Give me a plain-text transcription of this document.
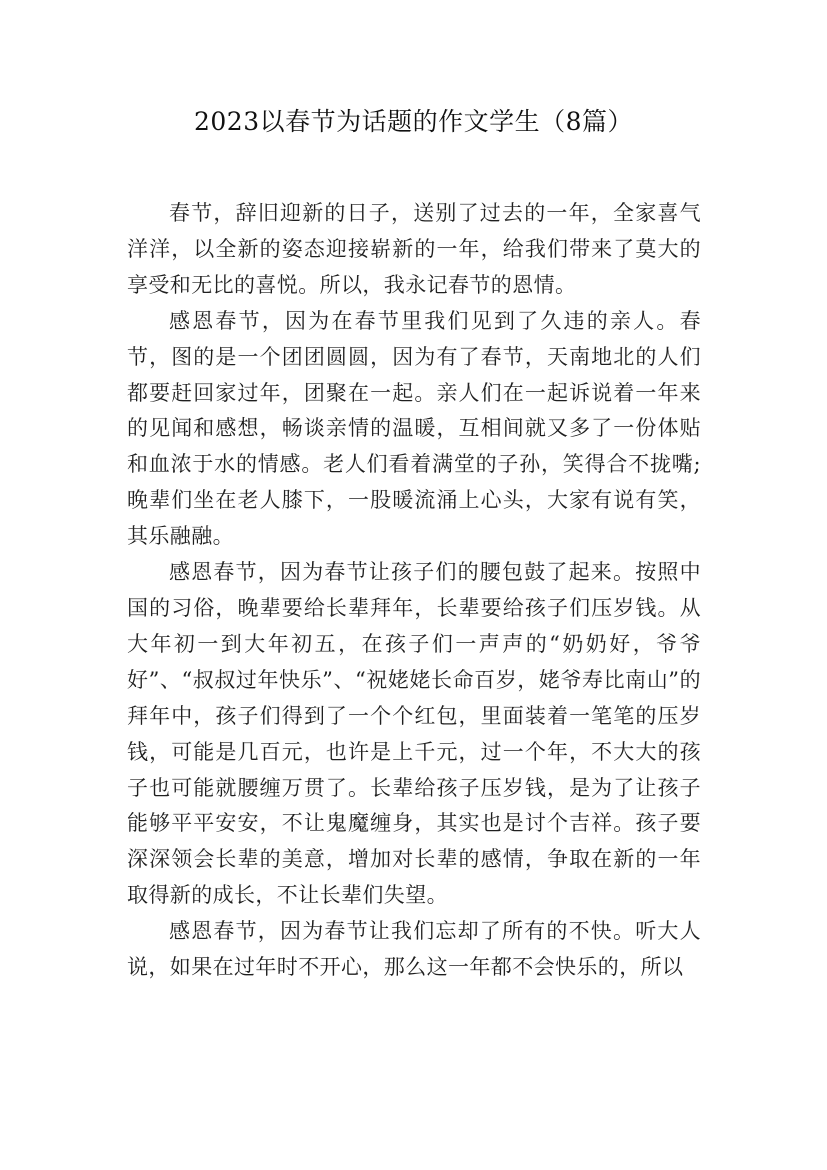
2023以春节为话题的作文学生（8篇）

春节，辞旧迎新的日子，送别了过去的一年，全家喜气洋洋，以全新的姿态迎接崭新的一年，给我们带来了莫大的享受和无比的喜悦。所以，我永记春节的恩情。

感恩春节，因为在春节里我们见到了久违的亲人。春节，图的是一个团团圆圆，因为有了春节，天南地北的人们都要赶回家过年，团聚在一起。亲人们在一起诉说着一年来的见闻和感想，畅谈亲情的温暖，互相间就又多了一份体贴和血浓于水的情感。老人们看着满堂的子孙，笑得合不拢嘴;晚辈们坐在老人膝下，一股暖流涌上心头，大家有说有笑，其乐融融。

感恩春节，因为春节让孩子们的腰包鼓了起来。按照中国的习俗，晚辈要给长辈拜年，长辈要给孩子们压岁钱。从大年初一到大年初五，在孩子们一声声的“奶奶好，爷爷好”、“叔叔过年快乐”、“祝姥姥长命百岁，姥爷寿比南山”的拜年中，孩子们得到了一个个红包，里面装着一笔笔的压岁钱，可能是几百元，也许是上千元，过一个年，不大大的孩子也可能就腰缠万贯了。长辈给孩子压岁钱，是为了让孩子能够平平安安，不让鬼魔缠身，其实也是讨个吉祥。孩子要深深领会长辈的美意，增加对长辈的感情，争取在新的一年取得新的成长，不让长辈们失望。

感恩春节，因为春节让我们忘却了所有的不快。听大人说，如果在过年时不开心，那么这一年都不会快乐的，所以
